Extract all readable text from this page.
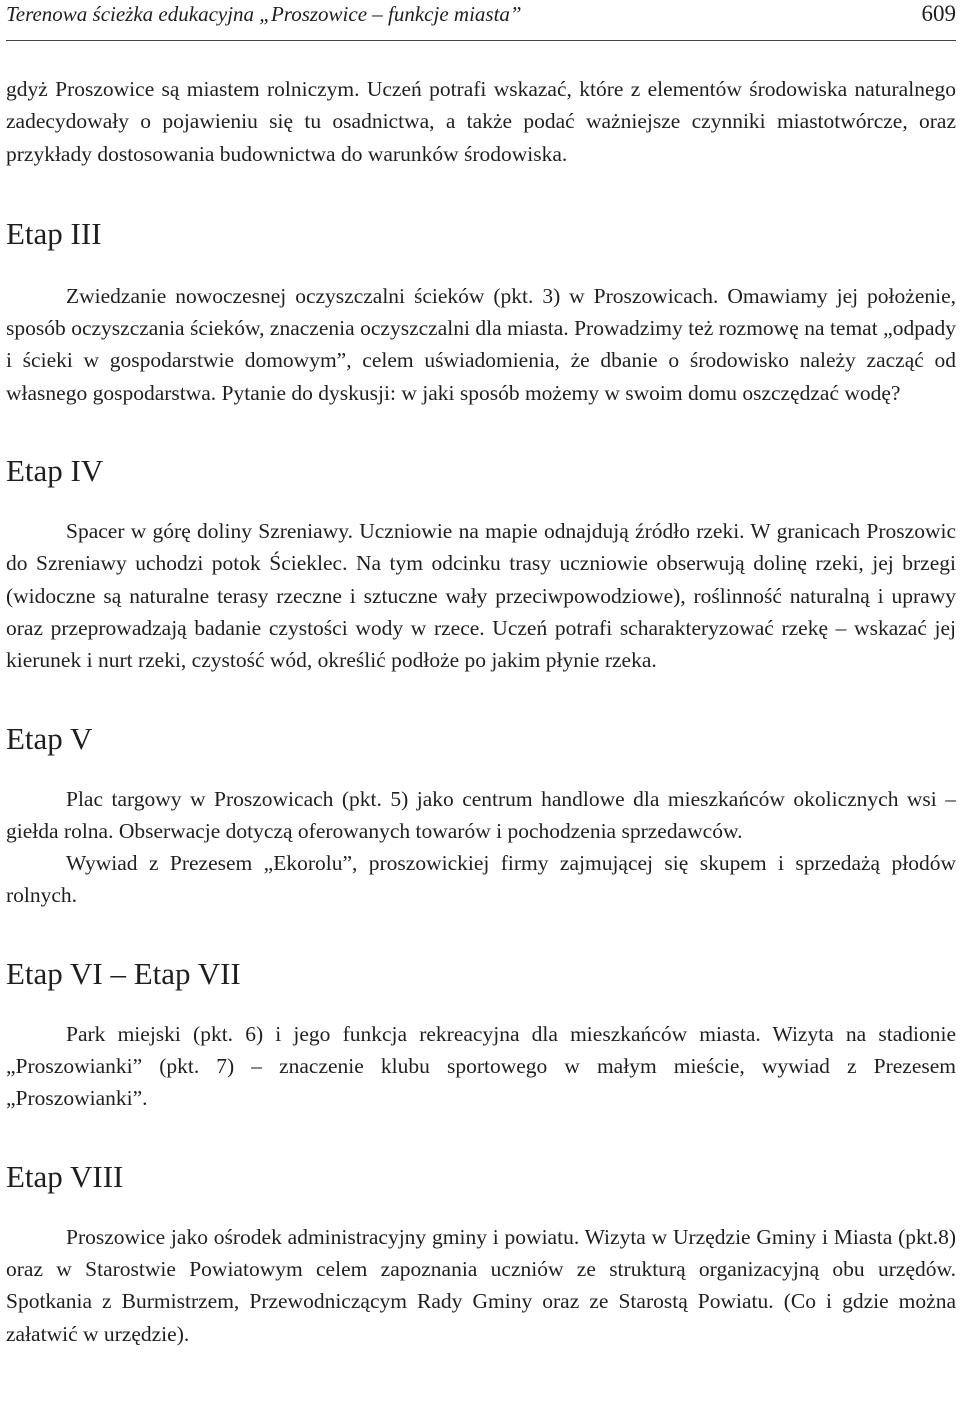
Terenowa ścieżka edukacyjna „Proszowice – funkcje miasta”	609

gdyż Proszowice są miastem rolniczym. Uczeń potrafi wskazać, które z elementów środowiska naturalnego zadecydowały o pojawieniu się tu osadnictwa, a także podać ważniejsze czynniki miastotwórcze, oraz przykłady dostosowania budownictwa do warunków środowiska.

Etap III

Zwiedzanie nowoczesnej oczyszczalni ścieków (pkt. 3) w Proszowicach. Omawiamy jej położenie, sposób oczyszczania ścieków, znaczenia oczyszczalni dla miasta. Prowadzimy też rozmowę na temat „odpady i ścieki w gospodarstwie domowym”, celem uświadomienia, że dbanie o środowisko należy zacząć od własnego gospodarstwa. Pytanie do dyskusji: w jaki sposób możemy w swoim domu oszczędzać wodę?

Etap IV

Spacer w górę doliny Szreniawy. Uczniowie na mapie odnajdują źródło rzeki. W granicach Proszowic do Szreniawy uchodzi potok Ścieklec. Na tym odcinku trasy uczniowie obserwują dolinę rzeki, jej brzegi (widoczne są naturalne terasy rzeczne i sztuczne wały przeciwpowodziowe), roślinność naturalną i uprawy oraz przeprowadzają badanie czystości wody w rzece. Uczeń potrafi scharakteryzować rzekę – wskazać jej kierunek i nurt rzeki, czystość wód, określić podłoże po jakim płynie rzeka.

Etap V

Plac targowy w Proszowicach (pkt. 5) jako centrum handlowe dla mieszkańców okolicznych wsi – giełda rolna. Obserwacje dotyczą oferowanych towarów i pochodzenia sprzedawców.

Wywiad z Prezesem „Ekorolu”, proszowickiej firmy zajmującej się skupem i sprzedażą płodów rolnych.

Etap VI – Etap VII

Park miejski (pkt. 6) i jego funkcja rekreacyjna dla mieszkańców miasta. Wizyta na stadionie „Proszowianki” (pkt. 7) – znaczenie klubu sportowego w małym mieście, wywiad z Prezesem „Proszowianki”.

Etap VIII

Proszowice jako ośrodek administracyjny gminy i powiatu. Wizyta w Urzędzie Gminy i Miasta (pkt.8) oraz w Starostwie Powiatowym celem zapoznania uczniów ze strukturą organizacyjną obu urzędów. Spotkania z Burmistrzem, Przewodniczącym Rady Gminy oraz ze Starostą Powiatu. (Co i gdzie można załatwić w urzędzie).
